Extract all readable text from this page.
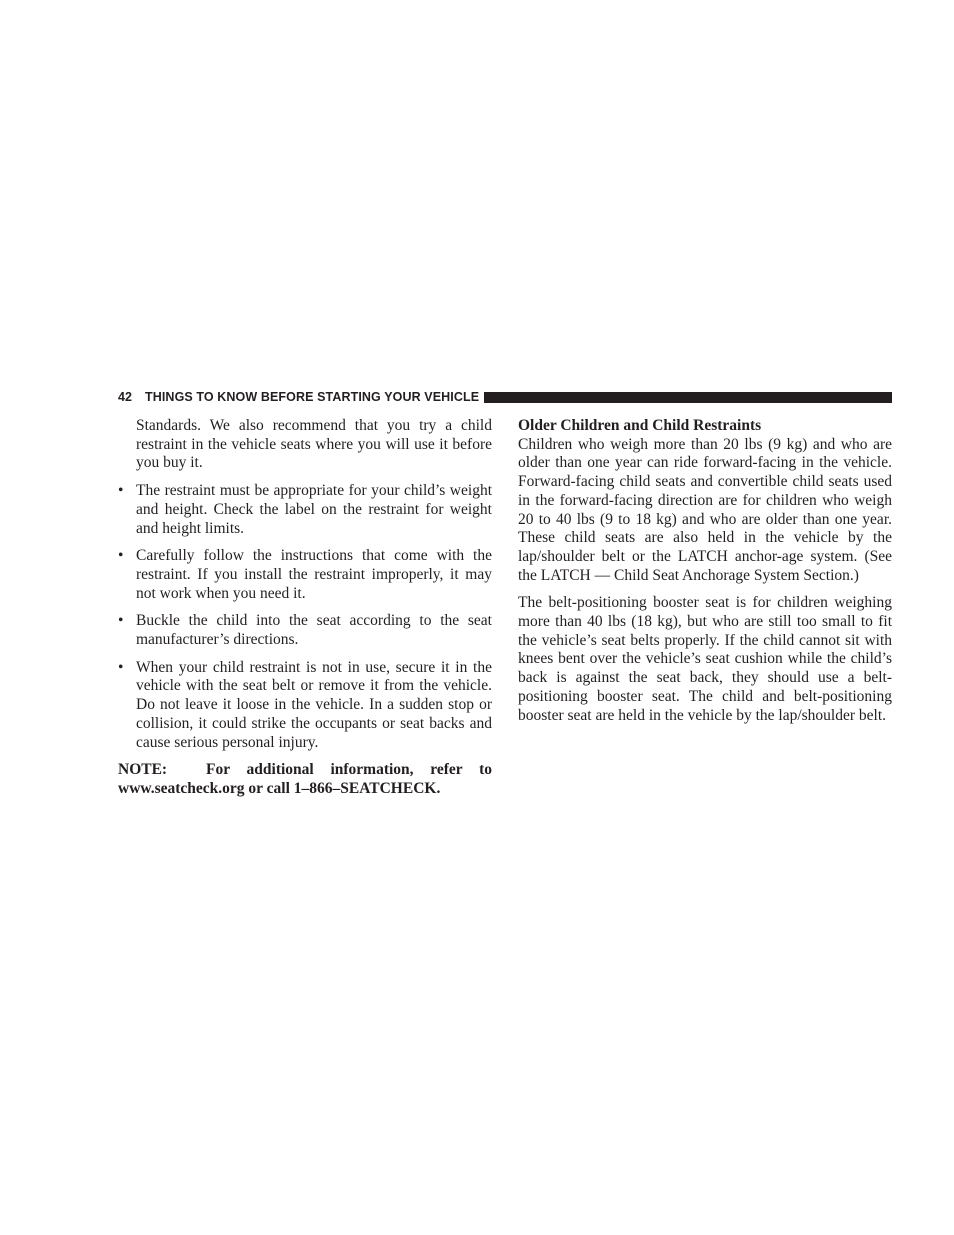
42 THINGS TO KNOW BEFORE STARTING YOUR VEHICLE

Standards. We also recommend that you try a child restraint in the vehicle seats where you will use it before you buy it.

• The restraint must be appropriate for your child’s weight and height. Check the label on the restraint for weight and height limits.
• Carefully follow the instructions that come with the restraint. If you install the restraint improperly, it may not work when you need it.
• Buckle the child into the seat according to the seat manufacturer’s directions.
• When your child restraint is not in use, secure it in the vehicle with the seat belt or remove it from the vehicle. Do not leave it loose in the vehicle. In a sudden stop or collision, it could strike the occupants or seat backs and cause serious personal injury.

NOTE:	For additional information, refer to www.seatcheck.org or call 1–866–SEATCHECK.

Older Children and Child Restraints

Children who weigh more than 20 lbs (9 kg) and who are older than one year can ride forward-facing in the vehicle. Forward-facing child seats and convertible child seats used in the forward-facing direction are for children who weigh 20 to 40 lbs (9 to 18 kg) and who are older than one year. These child seats are also held in the vehicle by the lap/shoulder belt or the LATCH anchor-age system. (See the LATCH — Child Seat Anchorage System Section.)

The belt-positioning booster seat is for children weighing more than 40 lbs (18 kg), but who are still too small to fit the vehicle’s seat belts properly. If the child cannot sit with knees bent over the vehicle’s seat cushion while the child’s back is against the seat back, they should use a belt-positioning booster seat. The child and belt-positioning booster seat are held in the vehicle by the lap/shoulder belt.
